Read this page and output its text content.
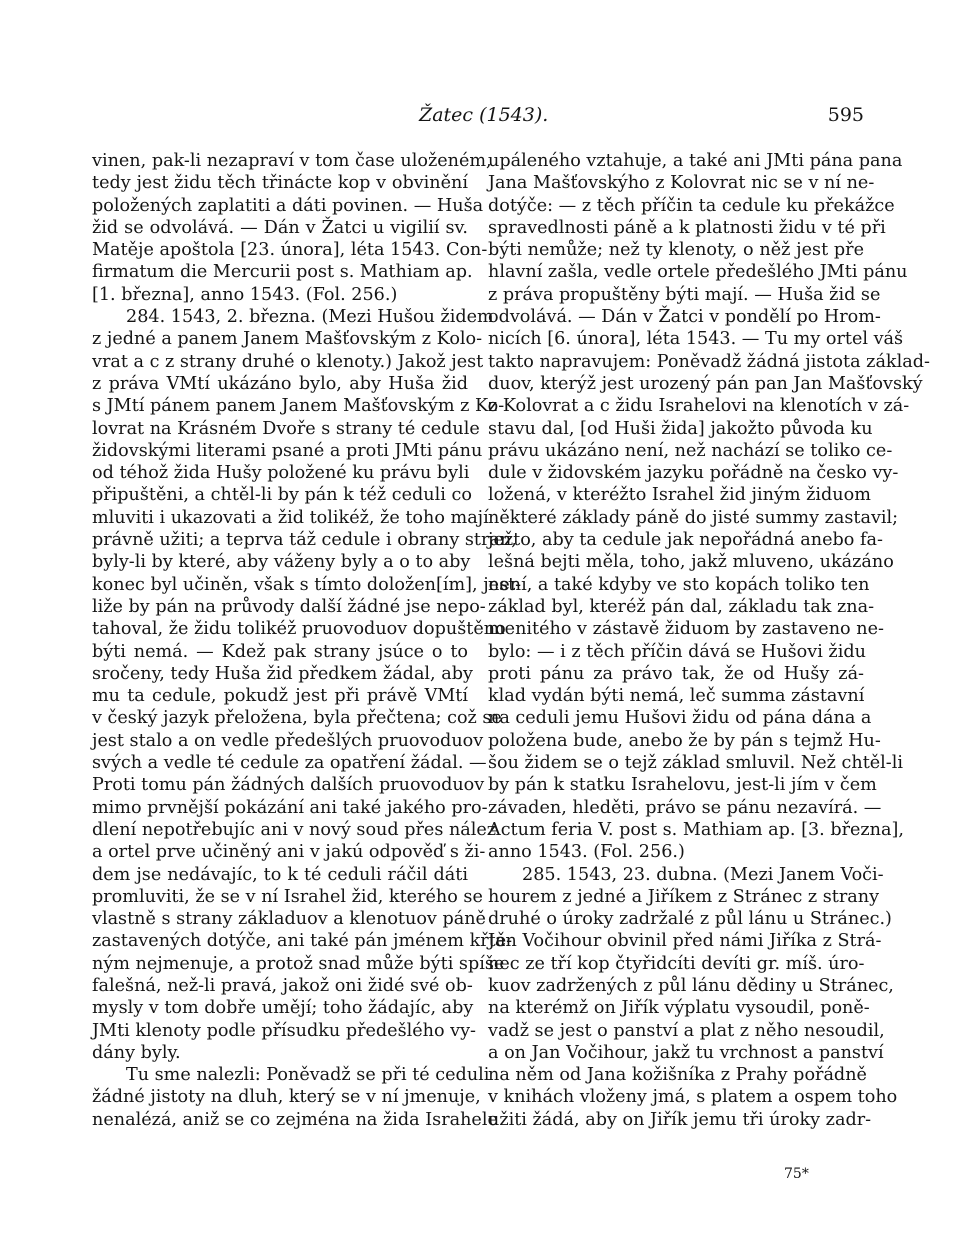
Žatec (1543).	595
vinen, pak-li nezapraví v tom čase uloženém,
tedy jest židu těch třinácte kop v obvinění
položených zaplatiti a dáti povinen. — Huša
žid se odvolává. — Dán v Žatci u vigilií sv.
Matěje apoštola [23. února], léta 1543. Con-
firmatum die Mercurii post s. Mathiam ap.
[1. března], anno 1543. (Fol. 256.)
284. 1543, 2. března. (Mezi Hušou židem
z jedné a panem Janem Mašťovským z Kolo-
vrat a c z strany druhé o klenoty.) Jakož jest
z práva VMtí ukázáno bylo, aby Huša žid
s JMtí pánem panem Janem Mašťovským z Ko-
lovrat na Krásném Dvoře s strany té cedule
židovskými literami psané a proti JMti pánu
od téhož žida Hušy položené ku právu byli
připuštěni, a chtěl-li by pán k též ceduli co
mluviti i ukazovati a žid tolikéž, že toho mají
právně užiti; a teprva táž cedule i obrany stran,
byly-li by které, aby váženy byly a o to aby
konec byl učiněn, však s tímto doložen[ím], jest-
liže by pán na průvody další žádné jse nepo-
tahoval, že židu tolikéž pruovoduov dopuštěno
býti nemá. — Kdež pak strany jsúce o to
sročeny, tedy Huša žid předkem žádal, aby
mu ta cedule, pokudž jest při právě VMtí
v český jazyk přeložena, byla přečtena; což se
jest stalo a on vedle předešlých pruovoduov
svých a vedle té cedule za opatření žádal. —
Proti tomu pán žádných dalších pruovoduov
mimo prvnější pokázání ani také jakého pro-
dlení nepotřebujíc ani v nový soud přes nález
a ortel prve učiněný ani v jakú odpověď s ži-
dem jse nedávajíc, to k té ceduli ráčil dáti
promluviti, že se v ní Israhel žid, kterého se
vlastně s strany základuov a klenotuov páně
zastavených dotýče, ani také pán jménem křtě-
ným nejmenuje, a protož snad může býti spíše
falešná, než-li pravá, jakož oni židé své ob-
mysly v tom dobře umějí; toho žádajíc, aby
JMti klenoty podle přísudku předešlého vy-
dány byly.
Tu sme nalezli: Poněvadž se při té ceduli
žádné jistoty na dluh, který se v ní jmenuje,
nenalézá, aniž se co zejména na žida Israhele
upáleného vztahuje, a také ani JMti pána pana
Jana Mašťovskýho z Kolovrat nic se v ní ne-
dotýče: — z těch příčin ta cedule ku překážce
spravedlnosti páně a k platnosti židu v té při
býti nemůže; než ty klenoty, o něž jest pře
hlavní zašla, vedle ortele předešlého JMti pánu
z práva propuštěny býti mají. — Huša žid se
odvolává. — Dán v Žatci v pondělí po Hrom-
nicích [6. února], léta 1543. — Tu my ortel váš
takto napravujem: Poněvadž žádná jistota základ-
duov, kterýž jest urozený pán pan Jan Mašťovský
z Kolovrat a c židu Israhelovi na klenotích v zá-
stavu dal, [od Huši žida] jakožto původa ku
právu ukázáno není, než nachází se toliko ce-
dule v židovském jazyku pořádně na česko vy-
ložená, v kteréžto Israhel žid jiným židuom
některé základy páně do jisté summy zastavil;
ježto, aby ta cedule jak nepořádná anebo fa-
lešná bejti měla, toho, jakž mluveno, ukázáno
není, a také kdyby ve sto kopách toliko ten
základ byl, kteréž pán dal, základu tak zna-
menitého v zástavě židuom by zastaveno ne-
bylo: — i z těch příčin dává se Hušovi židu
proti pánu za právo tak, že od Hušy zá-
klad vydán býti nemá, leč summa zástavní
na ceduli jemu Hušovi židu od pána dána a
položena bude, anebo že by pán s tejmž Hu-
šou židem se o tejž základ smluvil. Než chtěl-li
by pán k statku Israhelovu, jest-li jím v čem
závaden, hleděti, právo se pánu nezavírá. —
Actum feria V. post s. Mathiam ap. [3. března],
anno 1543. (Fol. 256.)
285. 1543, 23. dubna. (Mezi Janem Voči-
hourem z jedné a Jiříkem z Stránec z strany
druhé o úroky zadržalé z půl lánu u Stránec.)
Jan Vočihour obvinil před námi Jiříka z Strá-
nec ze tří kop čtyřidcíti devíti gr. míš. úro-
kuov zadržených z půl lánu dědiny u Stránec,
na kterémž on Jiřík výplatu vysoudil, poně-
vadž se jest o panství a plat z něho nesoudil,
a on Jan Vočihour, jakž tu vrchnost a panství
na něm od Jana kožišníka z Prahy pořádně
v knihách vloženy jmá, s platem a ospem toho
užiti žádá, aby on Jiřík jemu tři úroky zadr-
75*
